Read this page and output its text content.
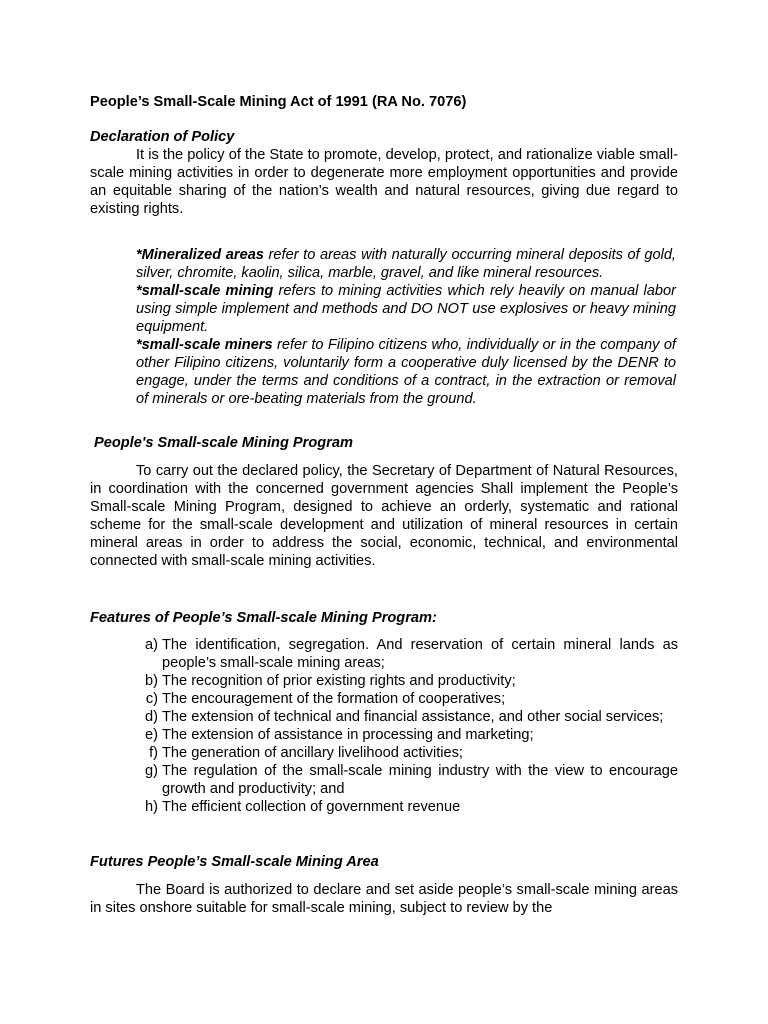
People’s Small-Scale Mining Act of 1991 (RA No. 7076)
Declaration of Policy

It is the policy of the State to promote, develop, protect, and rationalize viable small-scale mining activities in order to degenerate more employment opportunities and provide an equitable sharing of the nation’s wealth and natural resources, giving due regard to existing rights.

*Mineralized areas refer to areas with naturally occurring mineral deposits of gold, silver, chromite, kaolin, silica, marble, gravel, and like mineral resources.

*small-scale mining refers to mining activities which rely heavily on manual labor using simple implement and methods and DO NOT use explosives or heavy mining equipment.

*small-scale miners refer to Filipino citizens who, individually or in the company of other Filipino citizens, voluntarily form a cooperative duly licensed by the DENR to engage, under the terms and conditions of a contract, in the extraction or removal of minerals or ore-beating materials from the ground.

People's Small-scale Mining Program

To carry out the declared policy, the Secretary of Department of Natural Resources, in coordination with the concerned government agencies Shall implement the People’s Small-scale Mining Program, designed to achieve an orderly, systematic and rational scheme for the small-scale development and utilization of mineral resources in certain mineral areas in order to address the social, economic, technical, and environmental connected with small-scale mining activities.

Features of People’s Small-scale Mining Program:
a) The identification, segregation. And reservation of certain mineral lands as people’s small-scale mining areas;
b) The recognition of prior existing rights and productivity;
c) The encouragement of the formation of cooperatives;
d) The extension of technical and financial assistance, and other social services;
e) The extension of assistance in processing and marketing;
f) The generation of ancillary livelihood activities;
g) The regulation of the small-scale mining industry with the view to encourage growth and productivity; and
h) The efficient collection of government revenue
Futures People’s Small-scale Mining Area

The Board is authorized to declare and set aside people’s small-scale mining areas in sites onshore suitable for small-scale mining, subject to review by the
